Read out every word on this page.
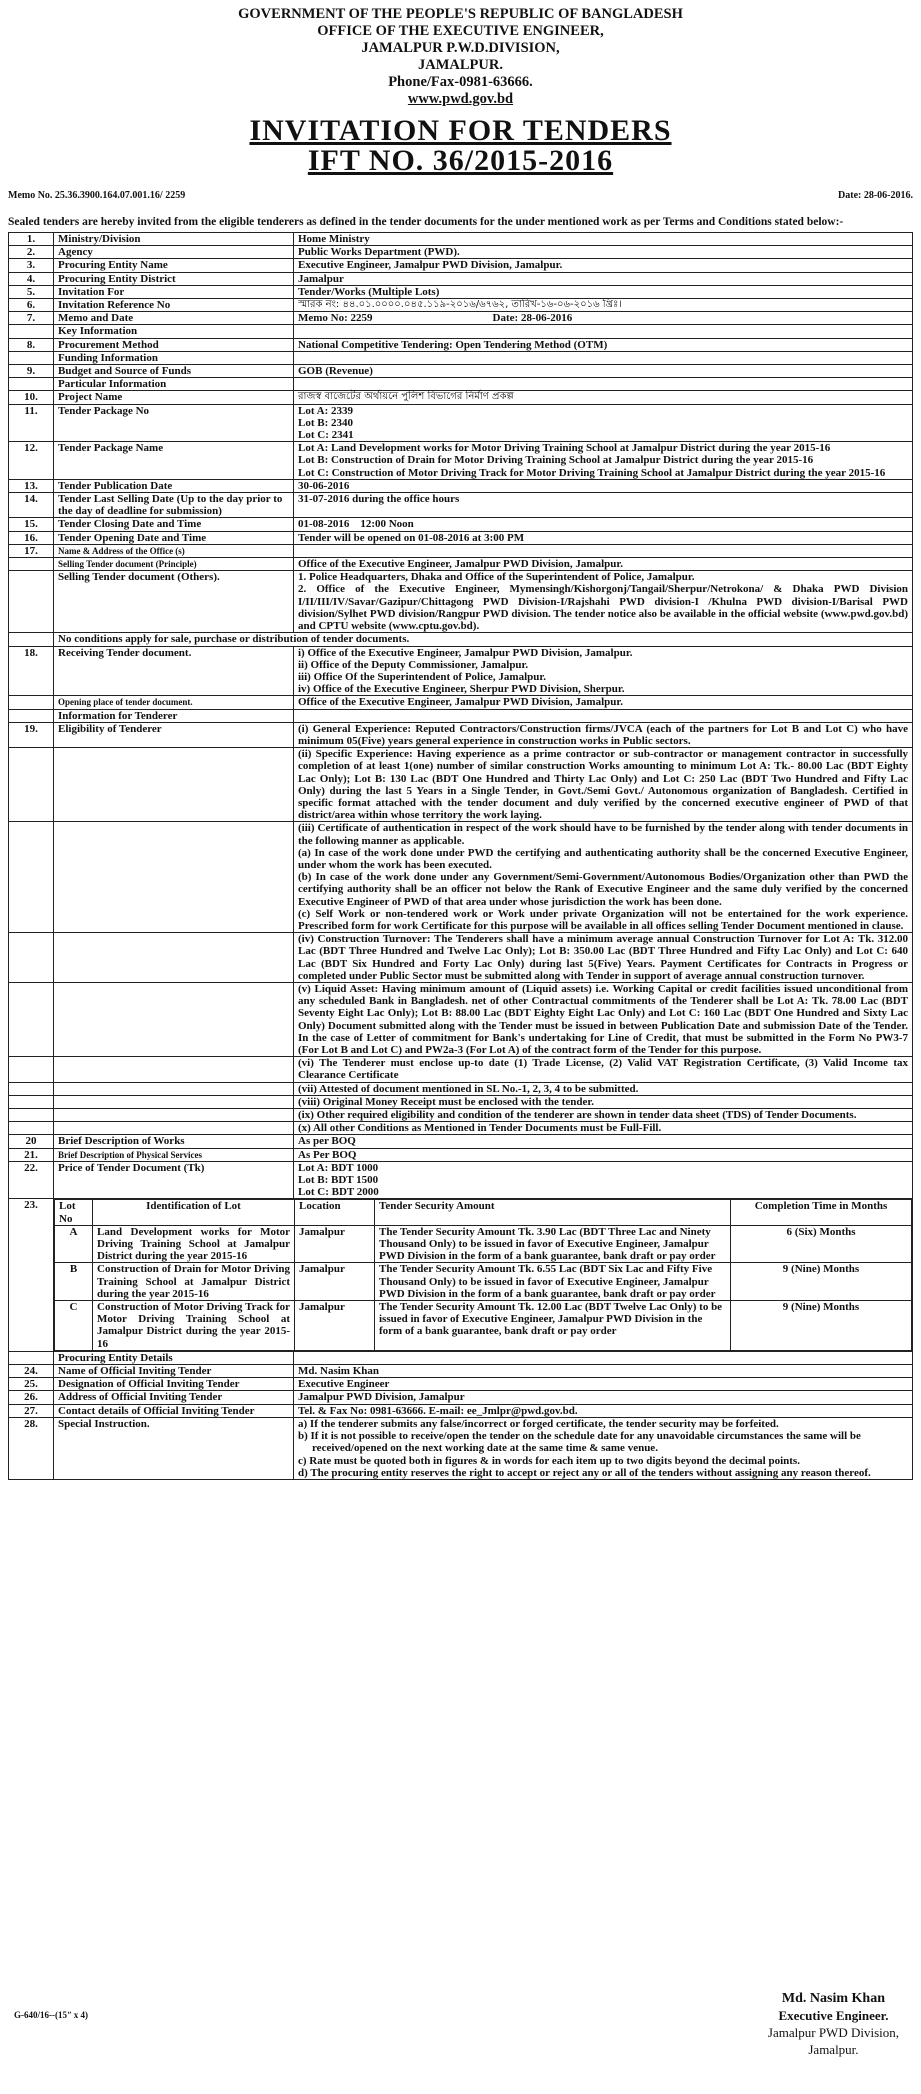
GOVERNMENT OF THE PEOPLE'S REPUBLIC OF BANGLADESH
OFFICE OF THE EXECUTIVE ENGINEER,
JAMALPUR P.W.D.DIVISION,
JAMALPUR.
Phone/Fax-0981-63666.
www.pwd.gov.bd
INVITATION FOR TENDERS
IFT NO. 36/2015-2016
Memo No. 25.36.3900.164.07.001.16/ 2259	Date: 28-06-2016.
Sealed tenders are hereby invited from the eligible tenderers as defined in the tender documents for the under mentioned work as per Terms and Conditions stated below:-
1.	Ministry/Division	Home Ministry
2.	Agency	Public Works Department (PWD).
3.	Procuring Entity Name	Executive Engineer, Jamalpur PWD Division, Jamalpur.
4.	Procuring Entity District	Jamalpur
5.	Invitation For	Tender/Works (Multiple Lots)
6.	Invitation Reference No	স্মারক নং: ৪৪.০১.০০০০.০৪৫.১১৯-২০১৬/৬৭৬২, তারিখ-১৬-০৬-২০১৬ খ্রিঃ।
7.	Memo and Date	Memo No: 2259	Date: 28-06-2016
	Key Information	
8.	Procurement Method	National Competitive Tendering: Open Tendering Method (OTM)
	Funding Information	
9.	Budget and Source of Funds	GOB (Revenue)
	Particular Information	
10.	Project Name	রাজস্ব বাজেটের অর্থায়নে পুলিশ বিভাগের নির্মাণ প্রকল্প
11.	Tender Package No	Lot A: 2339
Lot B: 2340
Lot C: 2341

12.	Tender Package Name	Lot A: Land Development works for Motor Driving Training School at Jamalpur District during the year 2015-16
Lot B: Construction of Drain for Motor Driving Training School at Jamalpur District during the year 2015-16
Lot C: Construction of Motor Driving Track for Motor Driving Training School at Jamalpur District during the year 2015-16

13.	Tender Publication Date	30-06-2016
14.	Tender Last Selling Date (Up to the day prior to the day of deadline for submission)	31-07-2016 during the office hours
15.	Tender Closing Date and Time	01-08-2016    12:00 Noon
16.	Tender Opening Date and Time	Tender will be opened on 01-08-2016 at 3:00 PM
17.	Name & Address of the Office (s)	
	Selling Tender document (Principle)	Office of the Executive Engineer, Jamalpur PWD Division, Jamalpur.
	Selling Tender document (Others).	1. Police Headquarters, Dhaka and Office of the Superintendent of Police, Jamalpur.
2. Office of the Executive Engineer, Mymensingh/Kishorgonj/Tangail/Sherpur/Netrokona/ & Dhaka PWD Division I/II/III/IV/Savar/Gazipur/Chittagong PWD Division-I/Rajshahi PWD division-I /Khulna PWD division-I/Barisal PWD division/Sylhet PWD division/Rangpur PWD division. The tender notice also be available in the official website (www.pwd.gov.bd) and CPTU website (www.cptu.gov.bd).

	No conditions apply for sale, purchase or distribution of tender documents.
18.	Receiving Tender document.	i) Office of the Executive Engineer, Jamalpur PWD Division, Jamalpur.
ii) Office of the Deputy Commissioner, Jamalpur.
iii) Office Of the Superintendent of Police, Jamalpur.
iv) Office of the Executive Engineer, Sherpur PWD Division, Sherpur.

	Opening place of tender document.	Office of the Executive Engineer, Jamalpur PWD Division, Jamalpur.
	Information for Tenderer	
19.	Eligibility of Tenderer	(i) General Experience: Reputed Contractors/Construction firms/JVCA (each of the partners for Lot B and Lot C) who have minimum 05(Five) years general experience in construction works in Public sectors.
		(ii) Specific Experience: Having experience as a prime contractor or sub-contractor or management contractor in successfully completion of at least 1(one) number of similar construction Works amounting to minimum Lot A: Tk.- 80.00 Lac (BDT Eighty Lac Only); Lot B: 130 Lac (BDT One Hundred and Thirty Lac Only) and Lot C: 250 Lac (BDT Two Hundred and Fifty Lac Only) during the last 5 Years in a Single Tender, in Govt./Semi Govt./ Autonomous organization of Bangladesh. Certified in specific format attached with the tender document and duly verified by the concerned executive engineer of PWD of that district/area within whose territory the work laying.

(iii) Certificate of authentication in respect of the work should have to be furnished by the tender along with tender documents in the following manner as applicable.
(a) In case of the work done under PWD the certifying and authenticating authority shall be the concerned Executive Engineer, under whom the work has been executed.
(b) In case of the work done under any Government/Semi-Government/Autonomous Bodies/Organization other than PWD the certifying authority shall be an officer not below the Rank of Executive Engineer and the same duly verified by the concerned Executive Engineer of PWD of that area under whose jurisdiction the work has been done.
(c) Self Work or non-tendered work or Work under private Organization will not be entertained for the work experience. Prescribed form for work Certificate for this purpose will be available in all offices selling Tender Document mentioned in clause.

		(iv) Construction Turnover: The Tenderers shall have a minimum average annual Construction Turnover for Lot A: Tk. 312.00 Lac (BDT Three Hundred and Twelve Lac Only); Lot B: 350.00 Lac (BDT Three Hundred and Fifty Lac Only) and Lot C: 640 Lac (BDT Six Hundred and Forty Lac Only) during last 5(Five) Years. Payment Certificates for Contracts in Progress or completed under Public Sector must be submitted along with Tender in support of average annual construction turnover.
		(v) Liquid Asset: Having minimum amount of (Liquid assets) i.e. Working Capital or credit facilities issued unconditional from any scheduled Bank in Bangladesh. net of other Contractual commitments of the Tenderer shall be Lot A: Tk. 78.00 Lac (BDT Seventy Eight Lac Only); Lot B: 88.00 Lac (BDT Eighty Eight Lac Only) and Lot C: 160 Lac (BDT One Hundred and Sixty Lac Only) Document submitted along with the Tender must be issued in between Publication Date and submission Date of the Tender. In the case of Letter of commitment for Bank's undertaking for Line of Credit, that must be submitted in the Form No PW3-7 (For Lot B and Lot C) and PW2a-3 (For Lot A) of the contract form of the Tender for this purpose.
		(vi) The Tenderer must enclose up-to date (1) Trade License, (2) Valid VAT Registration Certificate, (3) Valid Income tax Clearance Certificate
		(vii) Attested of document mentioned in SL No.-1, 2, 3, 4 to be submitted.
		(viii) Original Money Receipt must be enclosed with the tender.
		(ix) Other required eligibility and condition of the tenderer are shown in tender data sheet (TDS) of Tender Documents.
		(x) All other Conditions as Mentioned in Tender Documents must be Full-Fill.
20	Brief Description of Works	As per BOQ
21.	Brief Description of Physical Services	As Per BOQ
22.	Price of Tender Document (Tk)	Lot A: BDT 1000
Lot B: BDT 1500
Lot C: BDT 2000

23.	Lot No	Identification of Lot	Location	Tender Security Amount	Completion Time in Months
A	Land Development works for Motor Driving Training School at Jamalpur District during the year 2015-16	Jamalpur	The Tender Security Amount Tk. 3.90 Lac (BDT Three Lac and Ninety Thousand Only) to be issued in favor of Executive Engineer, Jamalpur PWD Division in the form of a bank guarantee, bank draft or pay order	6 (Six) Months
B	Construction of Drain for Motor Driving Training School at Jamalpur District during the year 2015-16	Jamalpur	The Tender Security Amount Tk. 6.55 Lac (BDT Six Lac and Fifty Five Thousand Only) to be issued in favor of Executive Engineer, Jamalpur PWD Division in the form of a bank guarantee, bank draft or pay order	9 (Nine) Months
C	Construction of Motor Driving Track for Motor Driving Training School at Jamalpur District during the year 2015-16	Jamalpur	The Tender Security Amount Tk. 12.00 Lac (BDT Twelve Lac Only) to be issued in favor of Executive Engineer, Jamalpur PWD Division in the form of a bank guarantee, bank draft or pay order	9 (Nine) Months

	Procuring Entity Details	
24.	Name of Official Inviting Tender	Md. Nasim Khan
25.	Designation of Official Inviting Tender	Executive Engineer
26.	Address of Official Inviting Tender	Jamalpur PWD Division, Jamalpur
27.	Contact details of Official Inviting Tender	Tel. & Fax No: 0981-63666. E-mail: ee_Jmlpr@pwd.gov.bd.
28.	Special Instruction.	a) If the tenderer submits any false/incorrect or forged certificate, the tender security may be forfeited.
b) If it is not possible to receive/open the tender on the schedule date for any unavoidable circumstances the same will be received/opened on the next working date at the same time & same venue.
c) Rate must be quoted both in figures & in words for each item up to two digits beyond the decimal points.
d) The procuring entity reserves the right to accept or reject any or all of the tenders without assigning any reason thereof.
G-640/16--(15ʺ x 4)
Md. Nasim Khan
Executive Engineer.
Jamalpur PWD Division,
Jamalpur.
